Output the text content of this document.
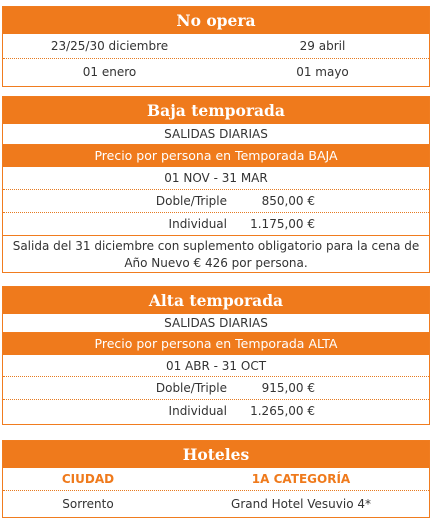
No opera
23/25/30 diciembre	29 abril
01 enero	01 mayo
Baja temporada
SALIDAS DIARIAS
Precio por persona en Temporada BAJA
01 NOV - 31 MAR
Doble/Triple	850,00 €
Individual 1.175,00 €
Salida del 31 diciembre con suplemento obligatorio para la cena de Año Nuevo € 426 por persona.
Alta temporada
SALIDAS DIARIAS
Precio por persona en Temporada ALTA
01 ABR - 31 OCT
Doble/Triple	915,00 €
Individual 1.265,00 €
Hoteles
CIUDAD	1A CATEGORÍA
Sorrento	Grand Hotel Vesuvio 4*
